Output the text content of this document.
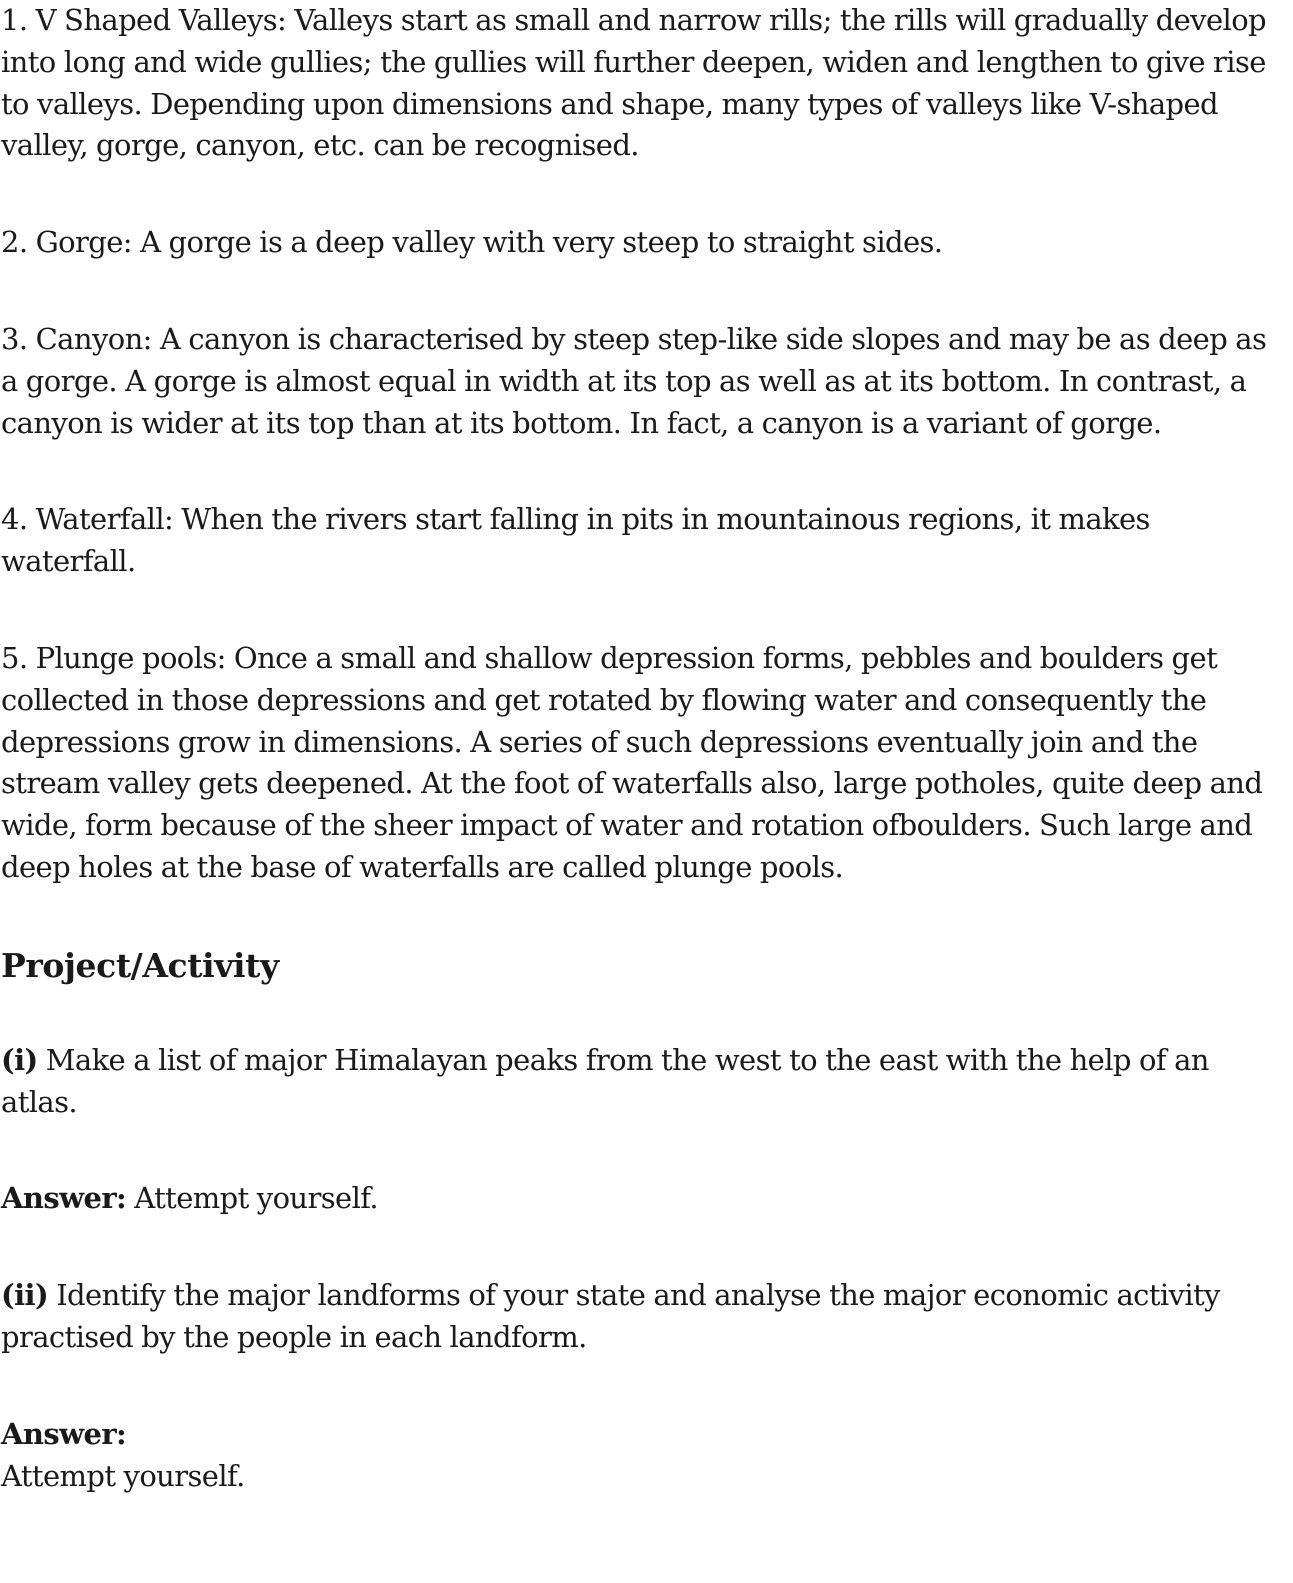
1. V Shaped Valleys: Valleys start as small and narrow rills; the rills will gradually develop into long and wide gullies; the gullies will further deepen, widen and lengthen to give rise to valleys. Depending upon dimensions and shape, many types of valleys like V-shaped valley, gorge, canyon, etc. can be recognised.

2. Gorge: A gorge is a deep valley with very steep to straight sides.

3. Canyon: A canyon is characterised by steep step-like side slopes and may be as deep as a gorge. A gorge is almost equal in width at its top as well as at its bottom. In contrast, a canyon is wider at its top than at its bottom. In fact, a canyon is a variant of gorge.

4. Waterfall: When the rivers start falling in pits in mountainous regions, it makes waterfall.

5. Plunge pools: Once a small and shallow depression forms, pebbles and boulders get collected in those depressions and get rotated by flowing water and consequently the depressions grow in dimensions. A series of such depressions eventually join and the stream valley gets deepened. At the foot of waterfalls also, large potholes, quite deep and wide, form because of the sheer impact of water and rotation ofboulders. Such large and deep holes at the base of waterfalls are called plunge pools.

Project/Activity

(i) Make a list of major Himalayan peaks from the west to the east with the help of an atlas.

Answer: Attempt yourself.

(ii) Identify the major landforms of your state and analyse the major economic activity practised by the people in each landform.

Answer:

Attempt yourself.
